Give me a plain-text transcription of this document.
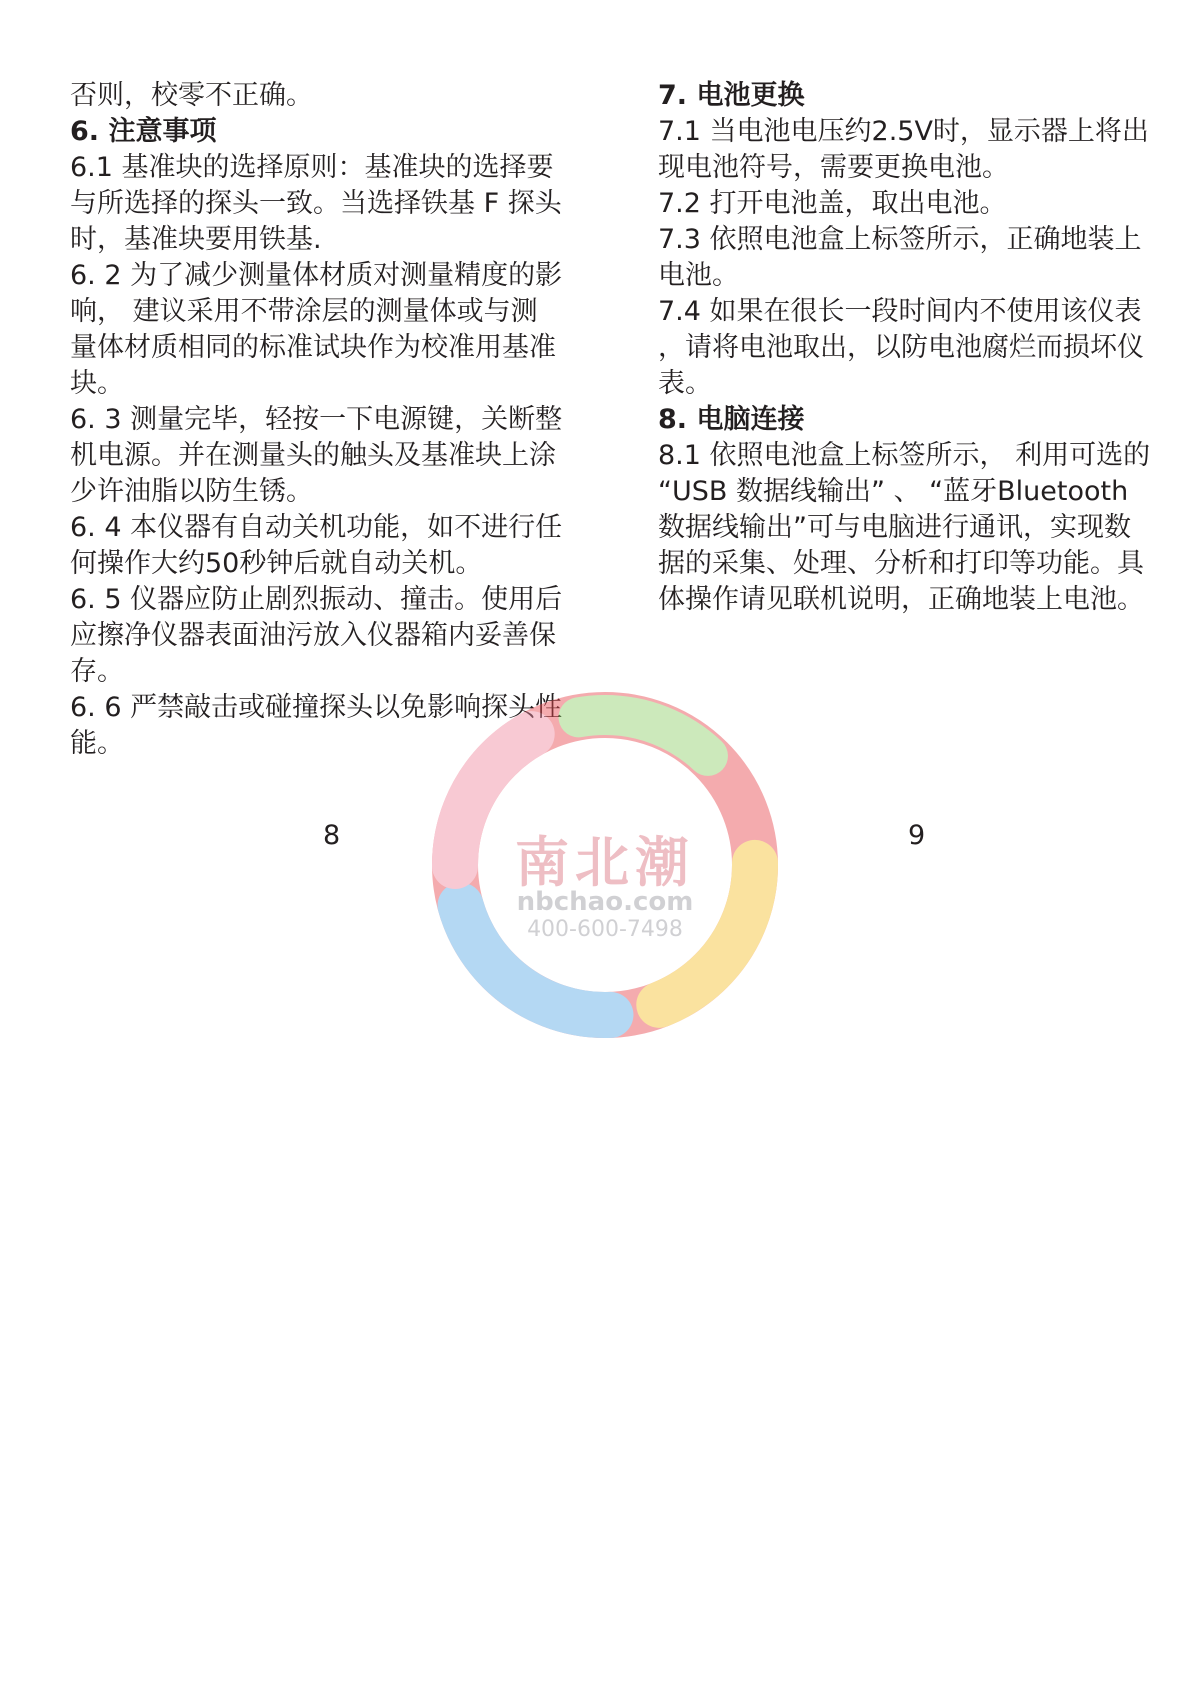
否则，校零不正确。
6. 注意事项
6.1 基准块的选择原则：基准块的选择要
与所选择的探头一致。当选择铁基 F 探头
时，基准块要用铁基.
6. 2 为了减少测量体材质对测量精度的影
响， 建议采用不带涂层的测量体或与测
量体材质相同的标准试块作为校准用基准
块。
6. 3 测量完毕，轻按一下电源键，关断整
机电源。并在测量头的触头及基准块上涂
少许油脂以防生锈。
6. 4 本仪器有自动关机功能，如不进行任
何操作大约50秒钟后就自动关机。
6. 5 仪器应防止剧烈振动、撞击。使用后
应擦净仪器表面油污放入仪器箱内妥善保
存。
6. 6 严禁敲击或碰撞探头以免影响探头性
能。
7. 电池更换
7.1 当电池电压约2.5V时，显示器上将出
现电池符号，需要更换电池。
7.2 打开电池盖，取出电池。
7.3 依照电池盒上标签所示，正确地装上
电池。
7.4 如果在很长一段时间内不使用该仪表
，请将电池取出，以防电池腐烂而损坏仪
表。
8. 电脑连接
8.1 依照电池盒上标签所示， 利用可选的
“USB 数据线输出” 、 “蓝牙Bluetooth
数据线输出”可与电脑进行通讯，实现数
据的采集、处理、分析和打印等功能。具
体操作请见联机说明，正确地装上电池。
8	9
南北潮
nbchao.com
400-600-7498
